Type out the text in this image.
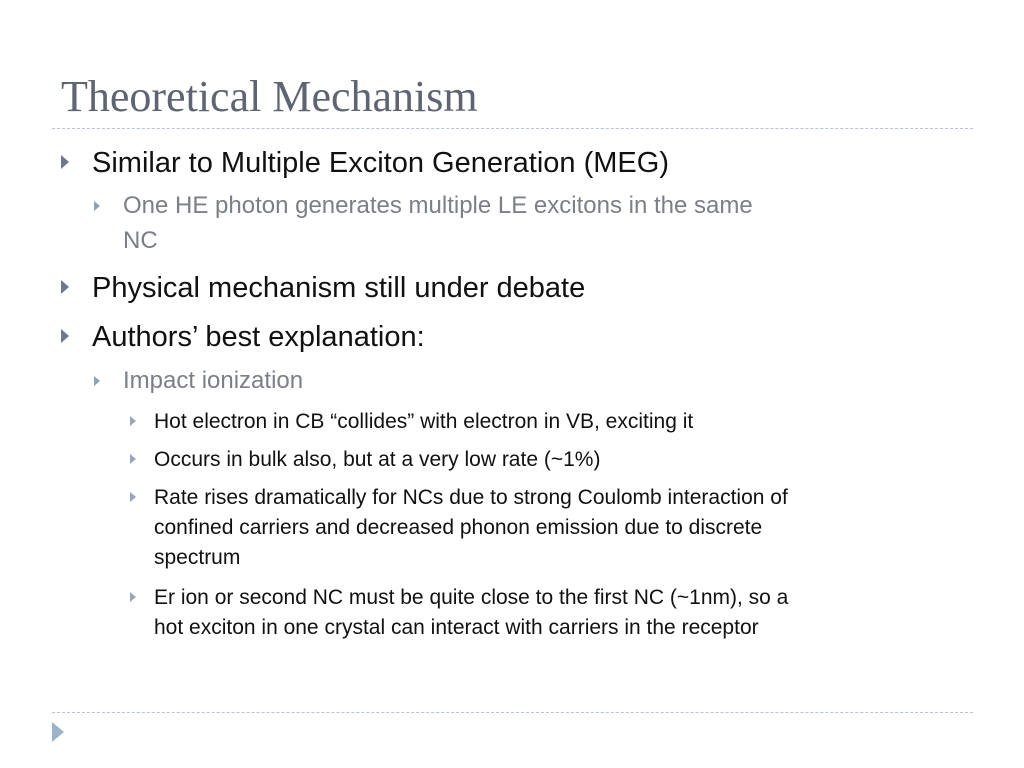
Theoretical Mechanism
Similar to Multiple Exciton Generation (MEG)
One HE photon generates multiple LE excitons in the same
NC
Physical mechanism still under debate
Authors’ best explanation:
Impact ionization
Hot electron in CB “collides” with electron in VB, exciting it
Occurs in bulk also, but at a very low rate (~1%)
Rate rises dramatically for NCs due to strong Coulomb interaction of
confined carriers and decreased phonon emission due to discrete
spectrum
Er ion or second NC must be quite close to the first NC (~1nm), so a
hot exciton in one crystal can interact with carriers in the receptor
